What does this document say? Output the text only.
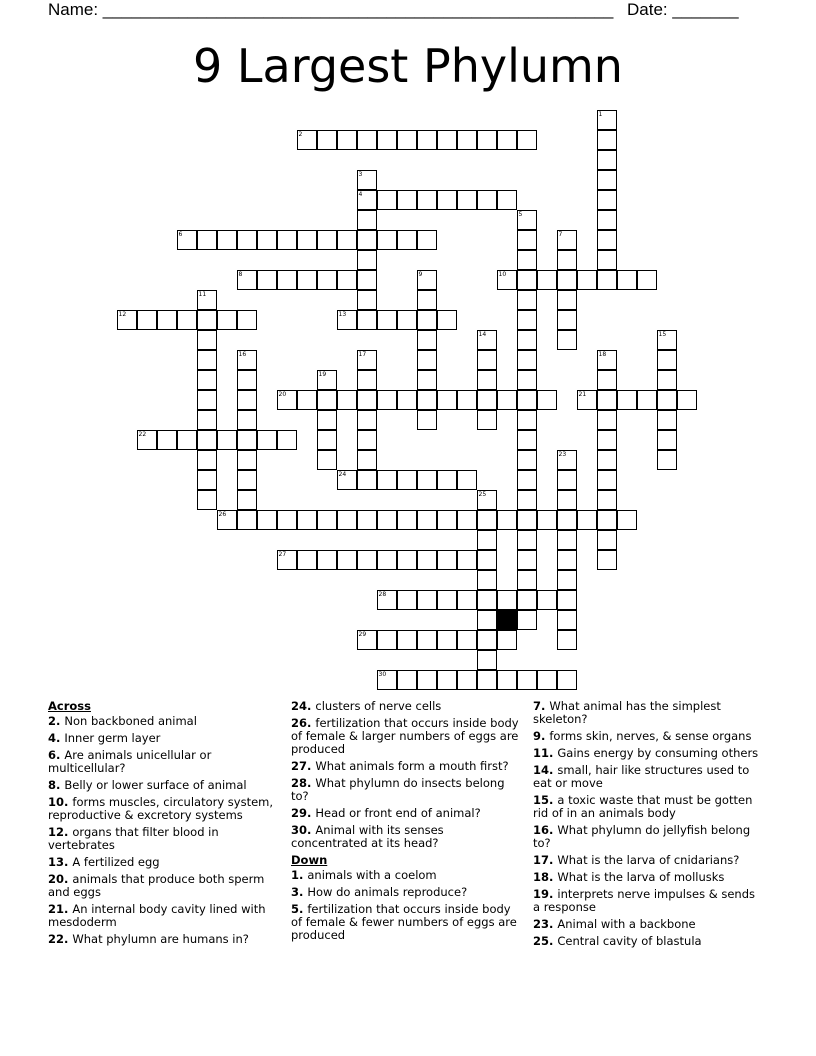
Name: ______________________________________________________ Date: _______
9 Largest Phylumn
1
2
3
4
5
6	7
8	9	10
11
12	13
14	15
16	17	18
19
20	21
22
23
24
25
26
27
28
29
30
Across
2. Non backboned animal
4. Inner germ layer
6. Are animals unicellular or multicellular?
8. Belly or lower surface of animal
10. forms muscles, circulatory system, reproductive & excretory systems
12. organs that filter blood in vertebrates
13. A fertilized egg
20. animals that produce both sperm and eggs
21. An internal body cavity lined with mesdoderm
22. What phylumn are humans in?
24. clusters of nerve cells
26. fertilization that occurs inside body of female & larger numbers of eggs are produced
27. What animals form a mouth first?
28. What phylumn do insects belong to?
29. Head or front end of animal?
30. Animal with its senses concentrated at its head?
Down
1. animals with a coelom
3. How do animals reproduce?
5. fertilization that occurs inside body of female & fewer numbers of eggs are produced
7. What animal has the simplest skeleton?
9. forms skin, nerves, & sense organs
11. Gains energy by consuming others
14. small, hair like structures used to eat or move
15. a toxic waste that must be gotten rid of in an animals body
16. What phylumn do jellyfish belong to?
17. What is the larva of cnidarians?
18. What is the larva of mollusks
19. interprets nerve impulses & sends a response
23. Animal with a backbone
25. Central cavity of blastula
